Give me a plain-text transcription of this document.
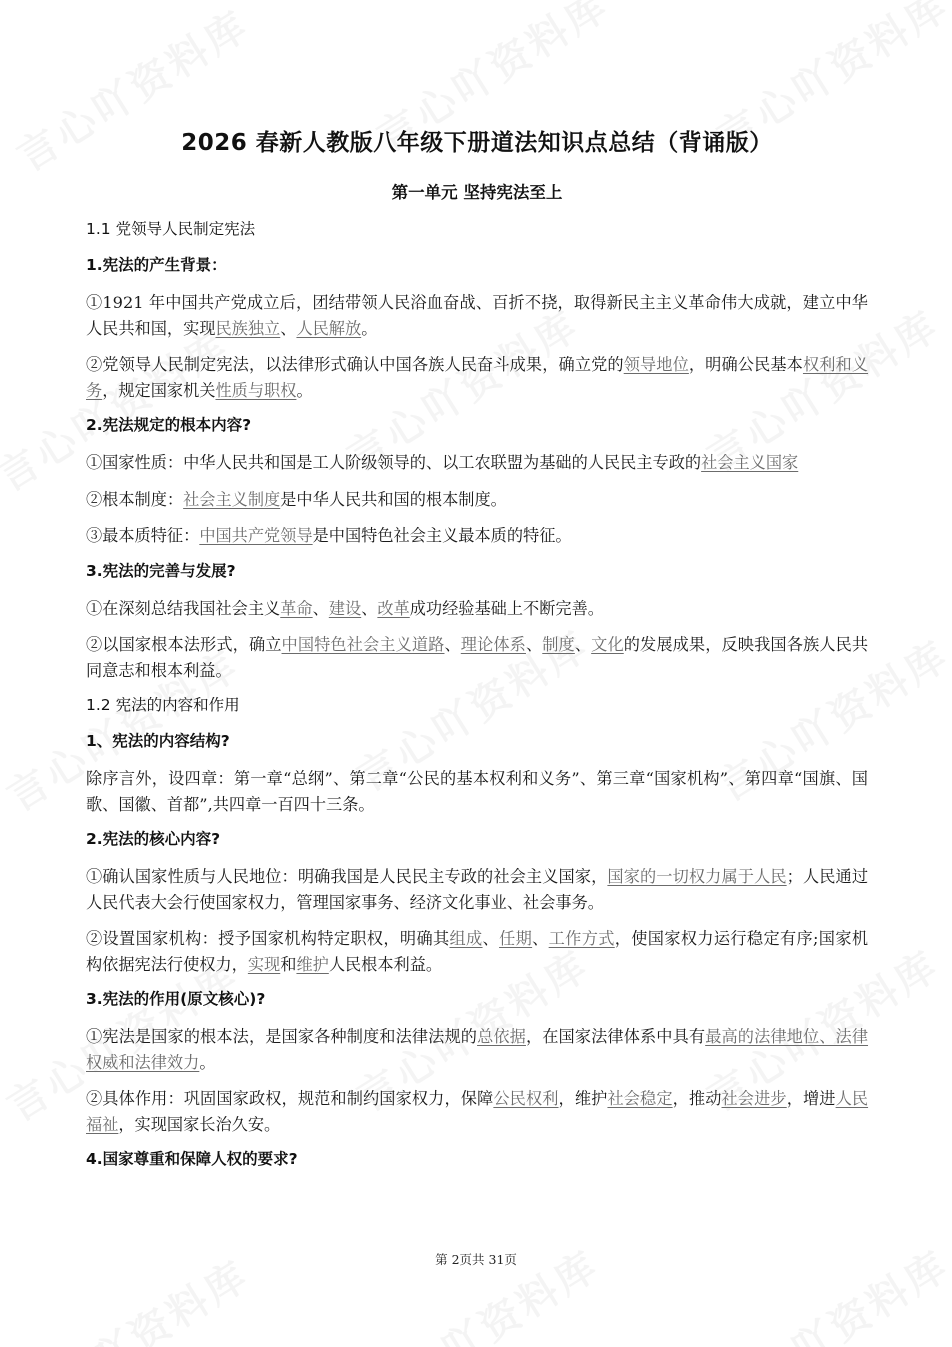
2026 春新人教版八年级下册道法知识点总结（背诵版）
第一单元 坚持宪法至上
1.1 党领导人民制定宪法
1.宪法的产生背景：
①1921 年中国共产党成立后，团结带领人民浴血奋战、百折不挠，取得新民主主义革命伟大成就，建立中华人民共和国，实现民族独立、人民解放。
②党领导人民制定宪法，以法律形式确认中国各族人民奋斗成果，确立党的领导地位，明确公民基本权利和义务，规定国家机关性质与职权。
2.宪法规定的根本内容?
①国家性质：中华人民共和国是工人阶级领导的、以工农联盟为基础的人民民主专政的社会主义国家
②根本制度：社会主义制度是中华人民共和国的根本制度。
③最本质特征：中国共产党领导是中国特色社会主义最本质的特征。
3.宪法的完善与发展?
①在深刻总结我国社会主义革命、建设、改革成功经验基础上不断完善。
②以国家根本法形式，确立中国特色社会主义道路、理论体系、制度、文化的发展成果，反映我国各族人民共同意志和根本利益。
1.2 宪法的内容和作用
1、宪法的内容结构?
除序言外，设四章：第一章“总纲”、第二章“公民的基本权利和义务”、第三章“国家机构”、第四章“国旗、国歌、国徽、首都”,共四章一百四十三条。
2.宪法的核心内容?
①确认国家性质与人民地位：明确我国是人民民主专政的社会主义国家，国家的一切权力属于人民；人民通过人民代表大会行使国家权力，管理国家事务、经济文化事业、社会事务。
②设置国家机构：授予国家机构特定职权，明确其组成、任期、工作方式，使国家权力运行稳定有序;国家机构依据宪法行使权力，实现和维护人民根本利益。
3.宪法的作用(原文核心)?
①宪法是国家的根本法，是国家各种制度和法律法规的总依据，在国家法律体系中具有最高的法律地位、法律权威和法律效力。
②具体作用：巩固国家政权，规范和制约国家权力，保障公民权利，维护社会稳定，推动社会进步，增进人民福祉，实现国家长治久安。
4.国家尊重和保障人权的要求?
第 2页共 31页
